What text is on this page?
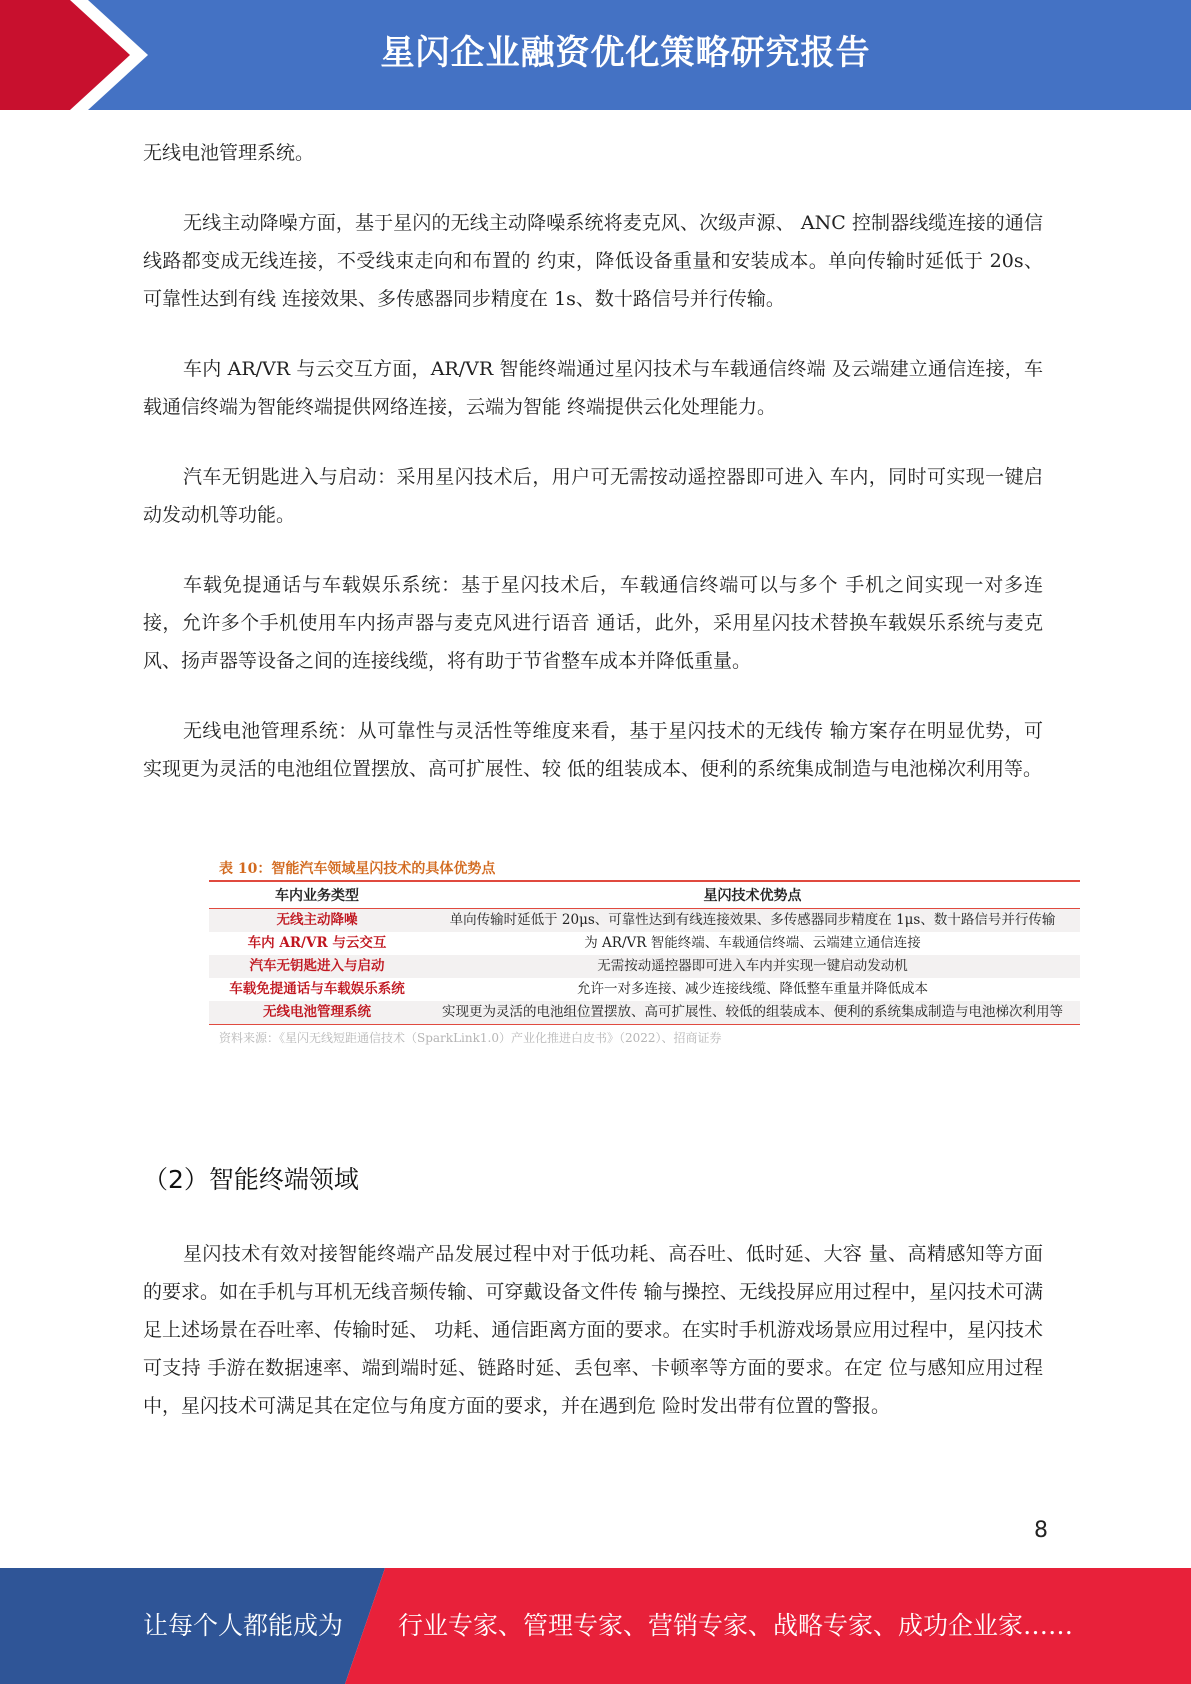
星闪企业融资优化策略研究报告

无线电池管理系统。

无线主动降噪方面，基于星闪的无线主动降噪系统将麦克风、次级声源、 ANC 控制器线缆连接的通信线路都变成无线连接，不受线束走向和布置的 约束，降低设备重量和安装成本。单向传输时延低于 20s、可靠性达到有线 连接效果、多传感器同步精度在 1s、数十路信号并行传输。

车内 AR/VR 与云交互方面，AR/VR 智能终端通过星闪技术与车载通信终端 及云端建立通信连接，车载通信终端为智能终端提供网络连接，云端为智能 终端提供云化处理能力。

汽车无钥匙进入与启动：采用星闪技术后，用户可无需按动遥控器即可进入 车内，同时可实现一键启动发动机等功能。

车载免提通话与车载娱乐系统：基于星闪技术后，车载通信终端可以与多个 手机之间实现一对多连接，允许多个手机使用车内扬声器与麦克风进行语音 通话，此外，采用星闪技术替换车载娱乐系统与麦克风、扬声器等设备之间的连接线缆，将有助于节省整车成本并降低重量。

无线电池管理系统：从可靠性与灵活性等维度来看，基于星闪技术的无线传 输方案存在明显优势，可实现更为灵活的电池组位置摆放、高可扩展性、较 低的组装成本、便利的系统集成制造与电池梯次利用等。

表 10：智能汽车领域星闪技术的具体优势点
车内业务类型	星闪技术优势点
无线主动降噪	单向传输时延低于 20μs、可靠性达到有线连接效果、多传感器同步精度在 1μs、数十路信号并行传输
车内 AR/VR 与云交互	为 AR/VR 智能终端、车载通信终端、云端建立通信连接
汽车无钥匙进入与启动	无需按动遥控器即可进入车内并实现一键启动发动机
车载免提通话与车载娱乐系统	允许一对多连接、减少连接线缆、降低整车重量并降低成本
无线电池管理系统	实现更为灵活的电池组位置摆放、高可扩展性、较低的组装成本、便利的系统集成制造与电池梯次利用等
资料来源：《星闪无线短距通信技术（SparkLink1.0）产业化推进白皮书》（2022）、招商证券
（2）智能终端领域

星闪技术有效对接智能终端产品发展过程中对于低功耗、高吞吐、低时延、大容 量、高精感知等方面的要求。如在手机与耳机无线音频传输、可穿戴设备文件传 输与操控、无线投屏应用过程中，星闪技术可满足上述场景在吞吐率、传输时延、 功耗、通信距离方面的要求。在实时手机游戏场景应用过程中，星闪技术可支持 手游在数据速率、端到端时延、链路时延、丢包率、卡顿率等方面的要求。在定 位与感知应用过程中，星闪技术可满足其在定位与角度方面的要求，并在遇到危 险时发出带有位置的警报。

8
让每个人都能成为 行业专家、管理专家、营销专家、战略专家、成功企业家……
